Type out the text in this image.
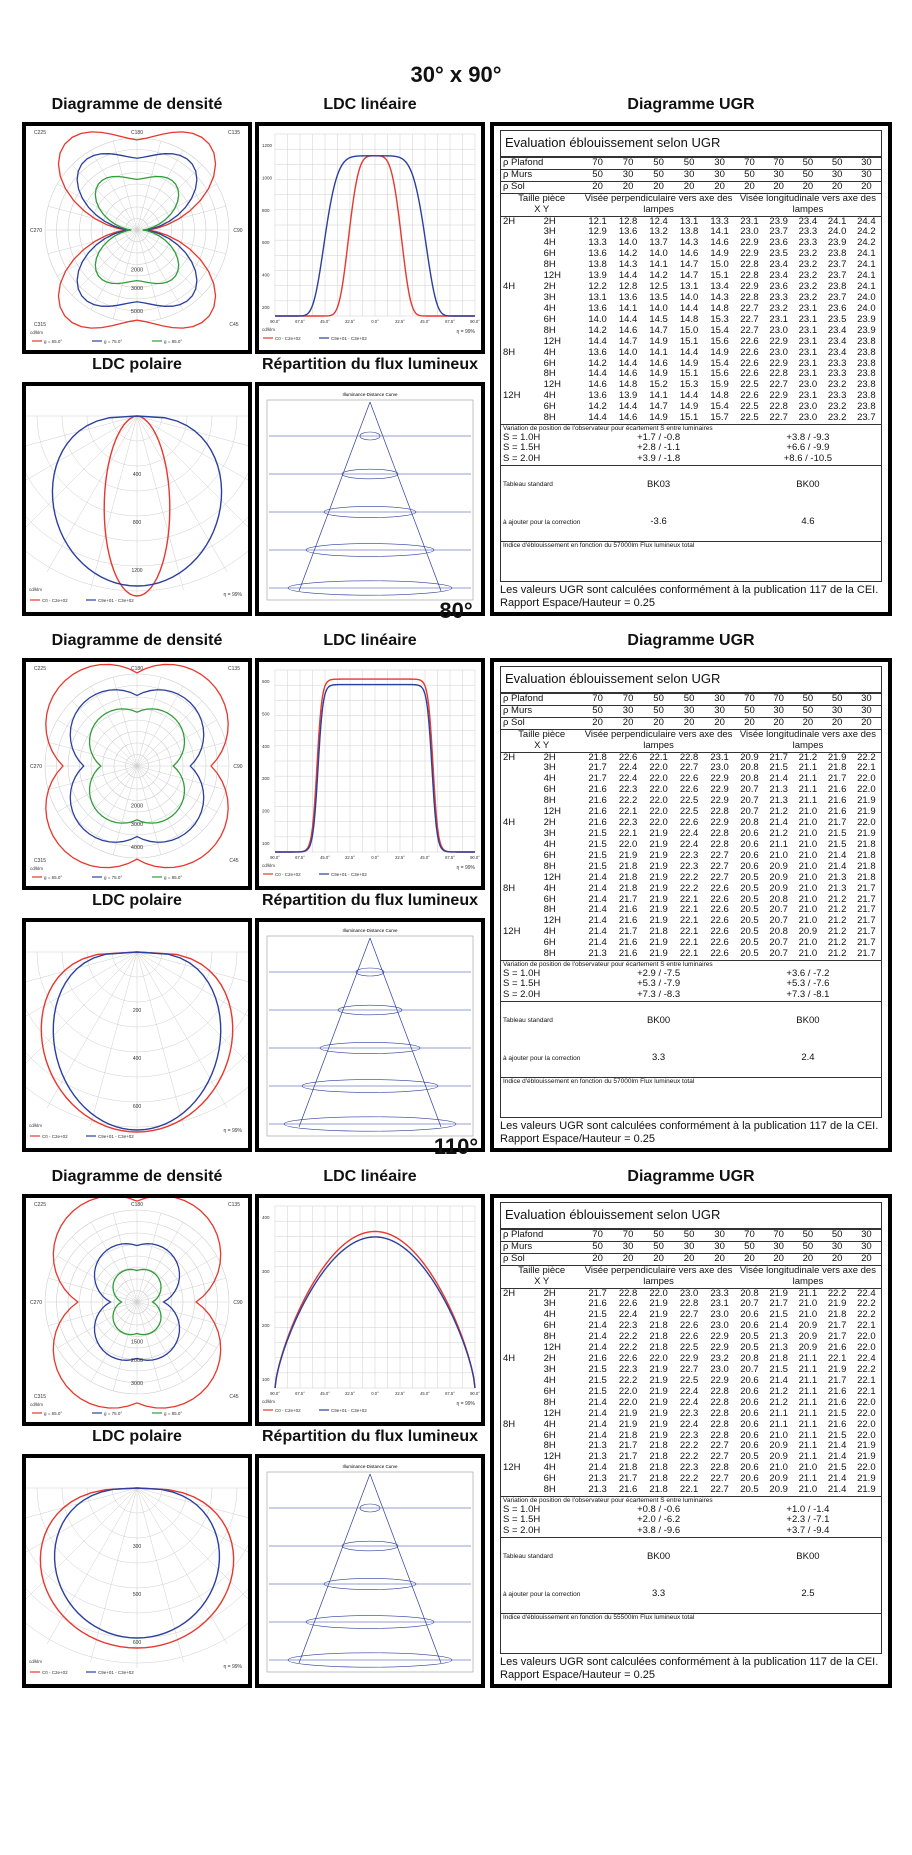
30° x 90°
Diagramme de densité	LDC linéaire	Diagramme UGR
LDC polaire	Répartition du flux lumineux
C180
C225	C135
C270	C90
C315	C45
5000
3000
2000
cd/klm
g = 65.0°	g = 75.0°	g = 85.0°
1200
1000
800
600
400
200
90.0°	67.5°	45.0°	22.5°	0.0°	22.5°	45.0°	67.5°	90.0°
cd/klm
C0 - C2e+02	C9e+01 - C3e+02
η = 99%
400
800
1200
cd/klm
C0 - C2e+02	C9e+01 - C3e+02
η = 99%
Illuminance-Distance Curve
Evaluation éblouissement selon UGR
ρ Plafond		70	70	50	50	30	70	70	50	50	30
ρ Murs		50	30	50	30	30	50	30	50	30	30
ρ Sol		20	20	20	20	20	20	20	20	20	20

Taille pièce
X Y		Visée perpendiculaire vers axe des lampes					Visée longitudinale vers axe des lampes				
2H	2H	12.1	12.8	12.4	13.1	13.3	23.1	23.9	23.4	24.1	24.4
	3H	12.9	13.6	13.2	13.8	14.1	23.0	23.7	23.3	24.0	24.2
	4H	13.3	14.0	13.7	14.3	14.6	22.9	23.6	23.3	23.9	24.2
	6H	13.6	14.2	14.0	14.6	14.9	22.9	23.5	23.2	23.8	24.1
	8H	13.8	14.3	14.1	14.7	15.0	22.8	23.4	23.2	23.7	24.1
	12H	13.9	14.4	14.2	14.7	15.1	22.8	23.4	23.2	23.7	24.1
4H	2H	12.2	12.8	12.5	13.1	13.4	22.9	23.6	23.2	23.8	24.1
	3H	13.1	13.6	13.5	14.0	14.3	22.8	23.3	23.2	23.7	24.0
	4H	13.6	14.1	14.0	14.4	14.8	22.7	23.2	23.1	23.6	24.0
	6H	14.0	14.4	14.5	14.8	15.3	22.7	23.1	23.1	23.5	23.9
	8H	14.2	14.6	14.7	15.0	15.4	22.7	23.0	23.1	23.4	23.9
	12H	14.4	14.7	14.9	15.1	15.6	22.6	22.9	23.1	23.4	23.8
8H	4H	13.6	14.0	14.1	14.4	14.9	22.6	23.0	23.1	23.4	23.8
	6H	14.2	14.4	14.6	14.9	15.4	22.6	22.9	23.1	23.3	23.8
	8H	14.4	14.6	14.9	15.1	15.6	22.6	22.8	23.1	23.3	23.8
	12H	14.6	14.8	15.2	15.3	15.9	22.5	22.7	23.0	23.2	23.8
12H	4H	13.6	13.9	14.1	14.4	14.8	22.6	22.9	23.1	23.3	23.8
	6H	14.2	14.4	14.7	14.9	15.4	22.5	22.8	23.0	23.2	23.8
	8H	14.4	14.6	14.9	15.1	15.7	22.5	22.7	23.0	23.2	23.7
Variation de position de l'observateur pour écartement S entre luminaires											
S = 1.0H		+1.7 / -0.8					+3.8 / -9.3				
S = 1.5H		+2.8 / -1.1					+6.6 / -9.9				
S = 2.0H		+3.9 / -1.8					+8.6 / -10.5				
Tableau standard		BK03					BK00				
à ajouter pour la correction		-3.6					4.6				
Indice d'éblouissement en fonction du 57000lm Flux lumineux total											
Les valeurs UGR sont calculées conformément à la publication 117 de la CEI. Rapport Espace/Hauteur = 0.25
80°
Diagramme de densité	LDC linéaire	Diagramme UGR
LDC polaire	Répartition du flux lumineux
C180
C225	C135
C270	C90
C315	C45
4000
3000
2000
cd/klm
g = 65.0°	g = 75.0°	g = 85.0°
600
500
400
300
200
100
90.0°	67.5°	45.0°	22.5°	0.0°	22.5°	45.0°	67.5°	90.0°
cd/klm
C0 - C2e+02	C9e+01 - C3e+02
η = 99%
200
400
600
cd/klm
C0 - C2e+02	C9e+01 - C3e+02
η = 99%
Illuminance-Distance Curve
Evaluation éblouissement selon UGR
ρ Plafond		70	70	50	50	30	70	70	50	50	30
ρ Murs		50	30	50	30	30	50	30	50	30	30
ρ Sol		20	20	20	20	20	20	20	20	20	20

Taille pièce
X Y		Visée perpendiculaire vers axe des lampes					Visée longitudinale vers axe des lampes				
2H	2H	21.8	22.6	22.1	22.8	23.1	20.9	21.7	21.2	21.9	22.2
	3H	21.7	22.4	22.0	22.7	23.0	20.8	21.5	21.1	21.8	22.1
	4H	21.7	22.4	22.0	22.6	22.9	20.8	21.4	21.1	21.7	22.0
	6H	21.6	22.3	22.0	22.6	22.9	20.7	21.3	21.1	21.6	22.0
	8H	21.6	22.2	22.0	22.5	22.9	20.7	21.3	21.1	21.6	21.9
	12H	21.6	22.1	22.0	22.5	22.8	20.7	21.2	21.0	21.6	21.9
4H	2H	21.6	22.3	22.0	22.6	22.9	20.8	21.4	21.0	21.7	22.0
	3H	21.5	22.1	21.9	22.4	22.8	20.6	21.2	21.0	21.5	21.9
	4H	21.5	22.0	21.9	22.4	22.8	20.6	21.1	21.0	21.5	21.8
	6H	21.5	21.9	21.9	22.3	22.7	20.6	21.0	21.0	21.4	21.8
	8H	21.5	21.8	21.9	22.3	22.7	20.6	20.9	21.0	21.4	21.8
	12H	21.4	21.8	21.9	22.2	22.7	20.5	20.9	21.0	21.3	21.8
8H	4H	21.4	21.8	21.9	22.2	22.6	20.5	20.9	21.0	21.3	21.7
	6H	21.4	21.7	21.9	22.1	22.6	20.5	20.8	21.0	21.2	21.7
	8H	21.4	21.6	21.9	22.1	22.6	20.5	20.7	21.0	21.2	21.7
	12H	21.4	21.6	21.9	22.1	22.6	20.5	20.7	21.0	21.2	21.7
12H	4H	21.4	21.7	21.8	22.1	22.6	20.5	20.8	20.9	21.2	21.7
	6H	21.4	21.6	21.9	22.1	22.6	20.5	20.7	21.0	21.2	21.7
	8H	21.3	21.6	21.9	22.1	22.6	20.5	20.7	21.0	21.2	21.7
Variation de position de l'observateur pour écartement S entre luminaires											
S = 1.0H		+2.9 / -7.5					+3.6 / -7.2				
S = 1.5H		+5.3 / -7.9					+5.3 / -7.6				
S = 2.0H		+7.3 / -8.3					+7.3 / -8.1				
Tableau standard		BK00					BK00				
à ajouter pour la correction		3.3					2.4				
Indice d'éblouissement en fonction du 57000lm Flux lumineux total											
Les valeurs UGR sont calculées conformément à la publication 117 de la CEI. Rapport Espace/Hauteur = 0.25
110°
Diagramme de densité	LDC linéaire	Diagramme UGR
LDC polaire	Répartition du flux lumineux
C180
C225	C135
C270	C90
C315	C45
3000
2000
1500
cd/klm
g = 65.0°	g = 75.0°	g = 85.0°
400
300
200
100
90.0°	67.5°	45.0°	22.5°	0.0°	22.5°	45.0°	67.5°	90.0°
cd/klm
C0 - C2e+02	C9e+01 - C3e+02
η = 99%
300
500
600
cd/klm
C0 - C2e+02	C9e+01 - C3e+02
η = 99%
Illuminance-Distance Curve
Evaluation éblouissement selon UGR
ρ Plafond		70	70	50	50	30	70	70	50	50	30
ρ Murs		50	30	50	30	30	50	30	50	30	30
ρ Sol		20	20	20	20	20	20	20	20	20	20

Taille pièce
X Y		Visée perpendiculaire vers axe des lampes					Visée longitudinale vers axe des lampes				
2H	2H	21.7	22.8	22.0	23.0	23.3	20.8	21.9	21.1	22.2	22.4
	3H	21.6	22.6	21.9	22.8	23.1	20.7	21.7	21.0	21.9	22.2
	4H	21.5	22.4	21.9	22.7	23.0	20.6	21.5	21.0	21.8	22.2
	6H	21.4	22.3	21.8	22.6	23.0	20.6	21.4	20.9	21.7	22.1
	8H	21.4	22.2	21.8	22.6	22.9	20.5	21.3	20.9	21.7	22.0
	12H	21.4	22.2	21.8	22.5	22.9	20.5	21.3	20.9	21.6	22.0
4H	2H	21.6	22.6	22.0	22.9	23.2	20.8	21.8	21.1	22.1	22.4
	3H	21.5	22.3	21.9	22.7	23.0	20.7	21.5	21.1	21.9	22.2
	4H	21.5	22.2	21.9	22.5	22.9	20.6	21.4	21.1	21.7	22.1
	6H	21.5	22.0	21.9	22.4	22.8	20.6	21.2	21.1	21.6	22.1
	8H	21.4	22.0	21.9	22.4	22.8	20.6	21.2	21.1	21.6	22.0
	12H	21.4	21.9	21.9	22.3	22.8	20.6	21.1	21.1	21.5	22.0
8H	4H	21.4	21.9	21.9	22.4	22.8	20.6	21.1	21.1	21.6	22.0
	6H	21.4	21.8	21.9	22.3	22.8	20.6	21.0	21.1	21.5	22.0
	8H	21.3	21.7	21.8	22.2	22.7	20.6	20.9	21.1	21.4	21.9
	12H	21.3	21.7	21.8	22.2	22.7	20.5	20.9	21.1	21.4	21.9
12H	4H	21.4	21.8	21.8	22.3	22.8	20.6	21.0	21.0	21.5	22.0
	6H	21.3	21.7	21.8	22.2	22.7	20.6	20.9	21.1	21.4	21.9
	8H	21.3	21.6	21.8	22.1	22.7	20.5	20.9	21.0	21.4	21.9
Variation de position de l'observateur pour écartement S entre luminaires											
S = 1.0H		+0.8 / -0.6					+1.0 / -1.4				
S = 1.5H		+2.0 / -6.2					+2.3 / -7.1				
S = 2.0H		+3.8 / -9.6					+3.7 / -9.4				
Tableau standard		BK00					BK00				
à ajouter pour la correction		3.3					2.5				
Indice d'éblouissement en fonction du 55500lm Flux lumineux total											
Les valeurs UGR sont calculées conformément à la publication 117 de la CEI. Rapport Espace/Hauteur = 0.25
